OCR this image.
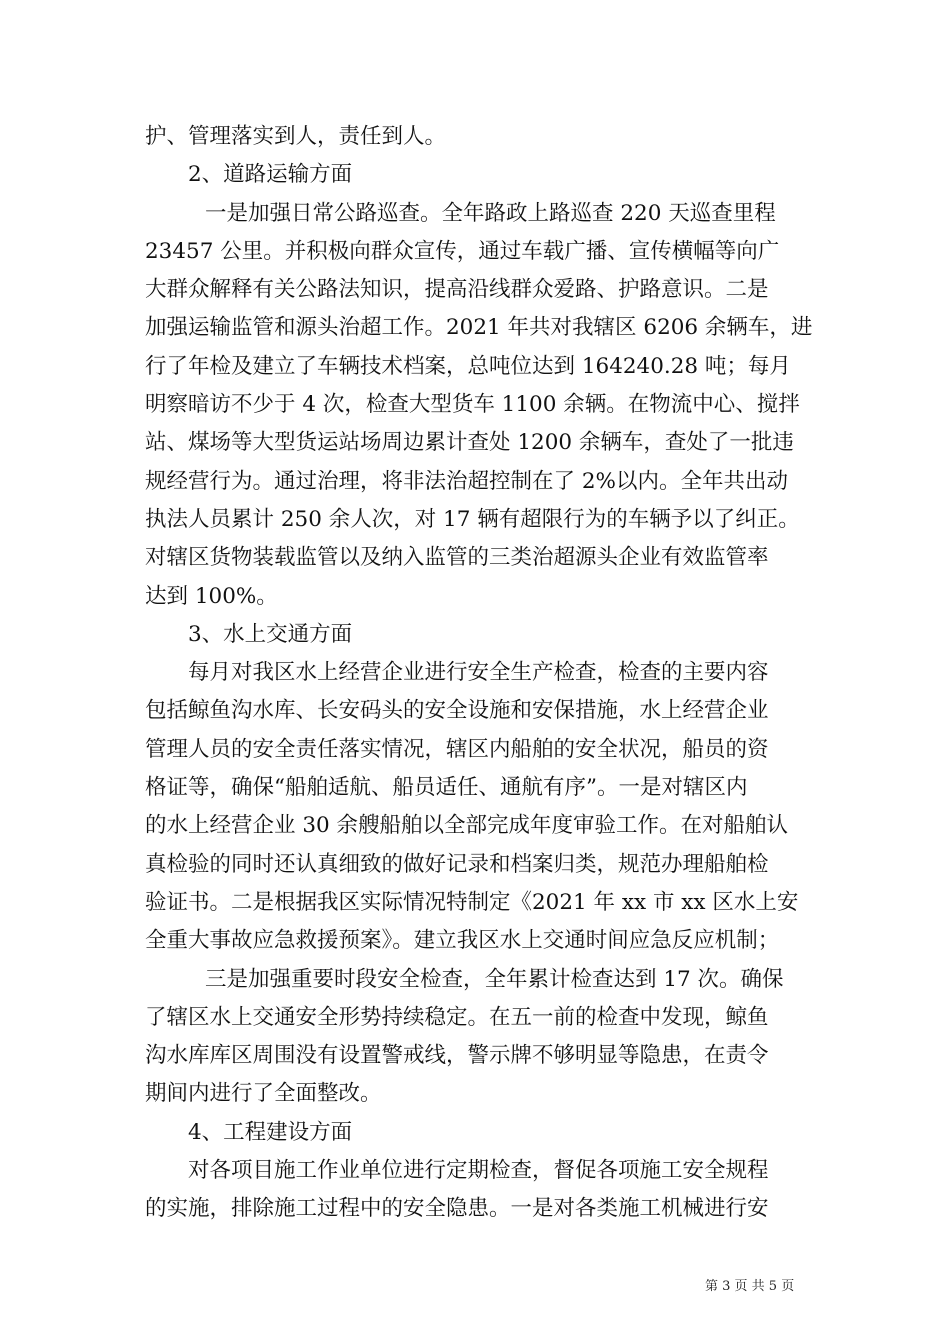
护、管理落实到人，责任到人。
2、道路运输方面
一是加强日常公路巡查。全年路政上路巡查 220 天巡查里程
23457 公里。并积极向群众宣传，通过车载广播、宣传横幅等向广
大群众解释有关公路法知识，提高沿线群众爱路、护路意识。二是
加强运输监管和源头治超工作。2021 年共对我辖区 6206 余辆车，进
行了年检及建立了车辆技术档案，总吨位达到 164240.28 吨；每月
明察暗访不少于 4 次，检查大型货车 1100 余辆。在物流中心、搅拌
站、煤场等大型货运站场周边累计查处 1200 余辆车，查处了一批违
规经营行为。通过治理，将非法治超控制在了 2%以内。全年共出动
执法人员累计 250 余人次，对 17 辆有超限行为的车辆予以了纠正。
对辖区货物装载监管以及纳入监管的三类治超源头企业有效监管率
达到 100%。
3、水上交通方面
每月对我区水上经营企业进行安全生产检查，检查的主要内容
包括鲸鱼沟水库、长安码头的安全设施和安保措施，水上经营企业
管理人员的安全责任落实情况，辖区内船舶的安全状况，船员的资
格证等，确保“船舶适航、船员适任、通航有序”。一是对辖区内
的水上经营企业 30 余艘船舶以全部完成年度审验工作。在对船舶认
真检验的同时还认真细致的做好记录和档案归类，规范办理船舶检
验证书。二是根据我区实际情况特制定《2021 年 xx 市 xx 区水上安
全重大事故应急救援预案》。建立我区水上交通时间应急反应机制；
三是加强重要时段安全检查，全年累计检查达到 17 次。确保
了辖区水上交通安全形势持续稳定。在五一前的检查中发现，鲸鱼
沟水库库区周围没有设置警戒线，警示牌不够明显等隐患，在责令
期间内进行了全面整改。
4、工程建设方面
对各项目施工作业单位进行定期检查，督促各项施工安全规程
的实施，排除施工过程中的安全隐患。一是对各类施工机械进行安
第 3 页 共 5 页
